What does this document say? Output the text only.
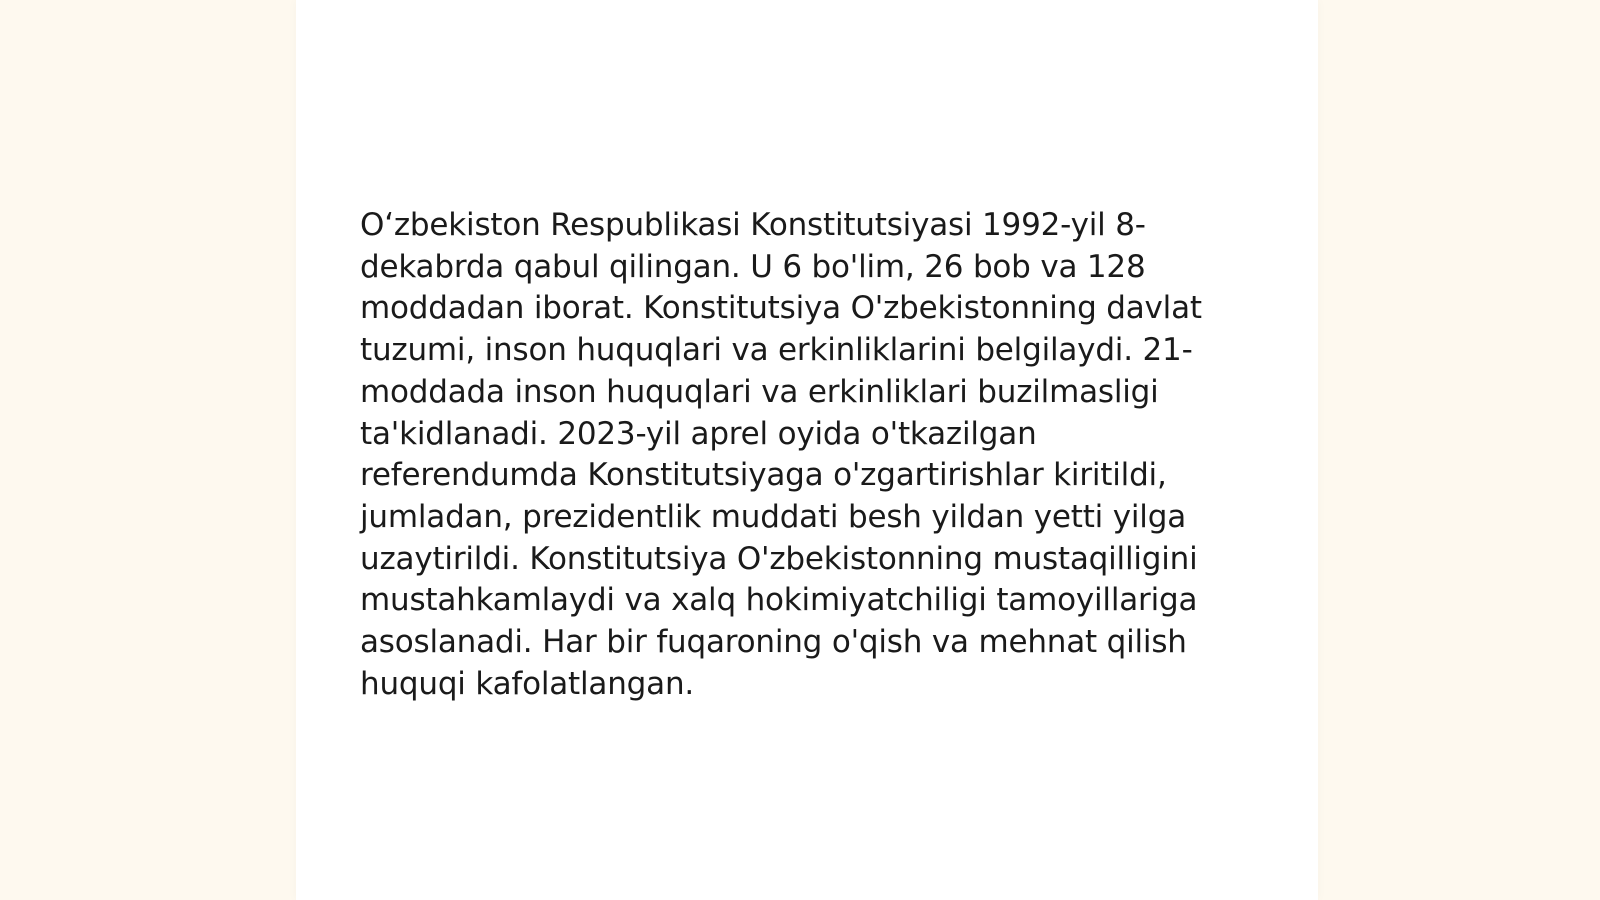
O‘zbekiston Respublikasi Konstitutsiyasi 1992-yil 8-dekabrda qabul qilingan. U 6 bo'lim, 26 bob va 128 moddadan iborat. Konstitutsiya O'zbekistonning davlat tuzumi, inson huquqlari va erkinliklarini belgilaydi. 21-moddada inson huquqlari va erkinliklari buzilmasligi ta'kidlanadi. 2023-yil aprel oyida o'tkazilgan referendumda Konstitutsiyaga o'zgartirishlar kiritildi, jumladan, prezidentlik muddati besh yildan yetti yilga uzaytirildi. Konstitutsiya O'zbekistonning mustaqilligini mustahkamlaydi va xalq hokimiyatchiligi tamoyillariga asoslanadi. Har bir fuqaroning o'qish va mehnat qilish huquqi kafolatlangan.
